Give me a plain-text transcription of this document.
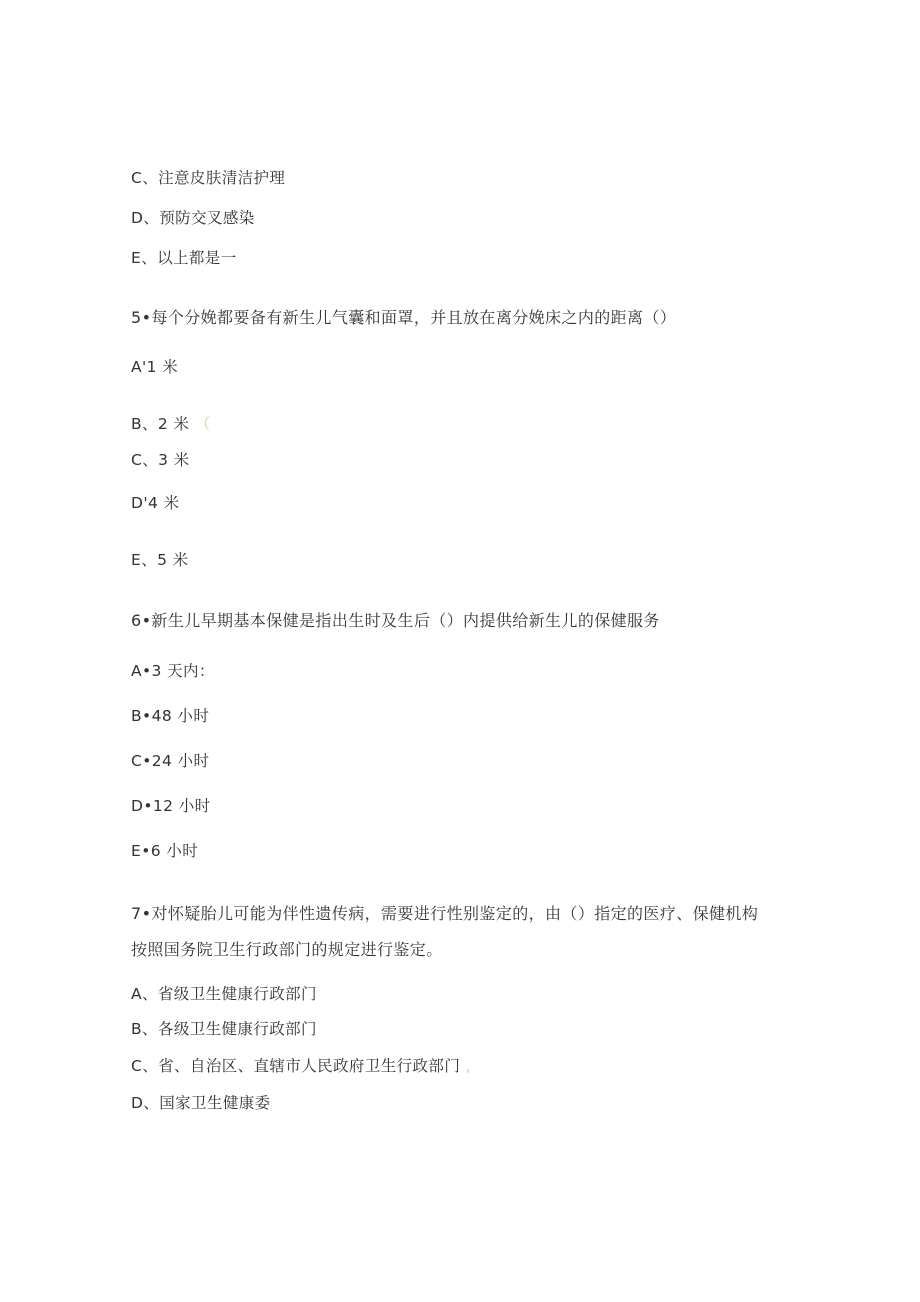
C、注意皮肤清洁护理
D、预防交叉感染
E、以上都是一
5•每个分娩都要备有新生儿气囊和面罩，并且放在离分娩床之内的距离（）
A'1 米
B、2 米 （
C、3 米
D'4 米
E、5 米
6•新生儿早期基本保健是指出生时及生后（）内提供给新生儿的保健服务
A•3 天内：
B•48 小时
C•24 小时
D•12 小时
E•6 小时
7•对怀疑胎儿可能为伴性遗传病，需要进行性别鉴定的，由（）指定的医疗、保健机构
按照国务院卫生行政部门的规定进行鉴定。
A、省级卫生健康行政部门
B、各级卫生健康行政部门
C、省、自治区、直辖市人民政府卫生行政部门 ,
D、国家卫生健康委
